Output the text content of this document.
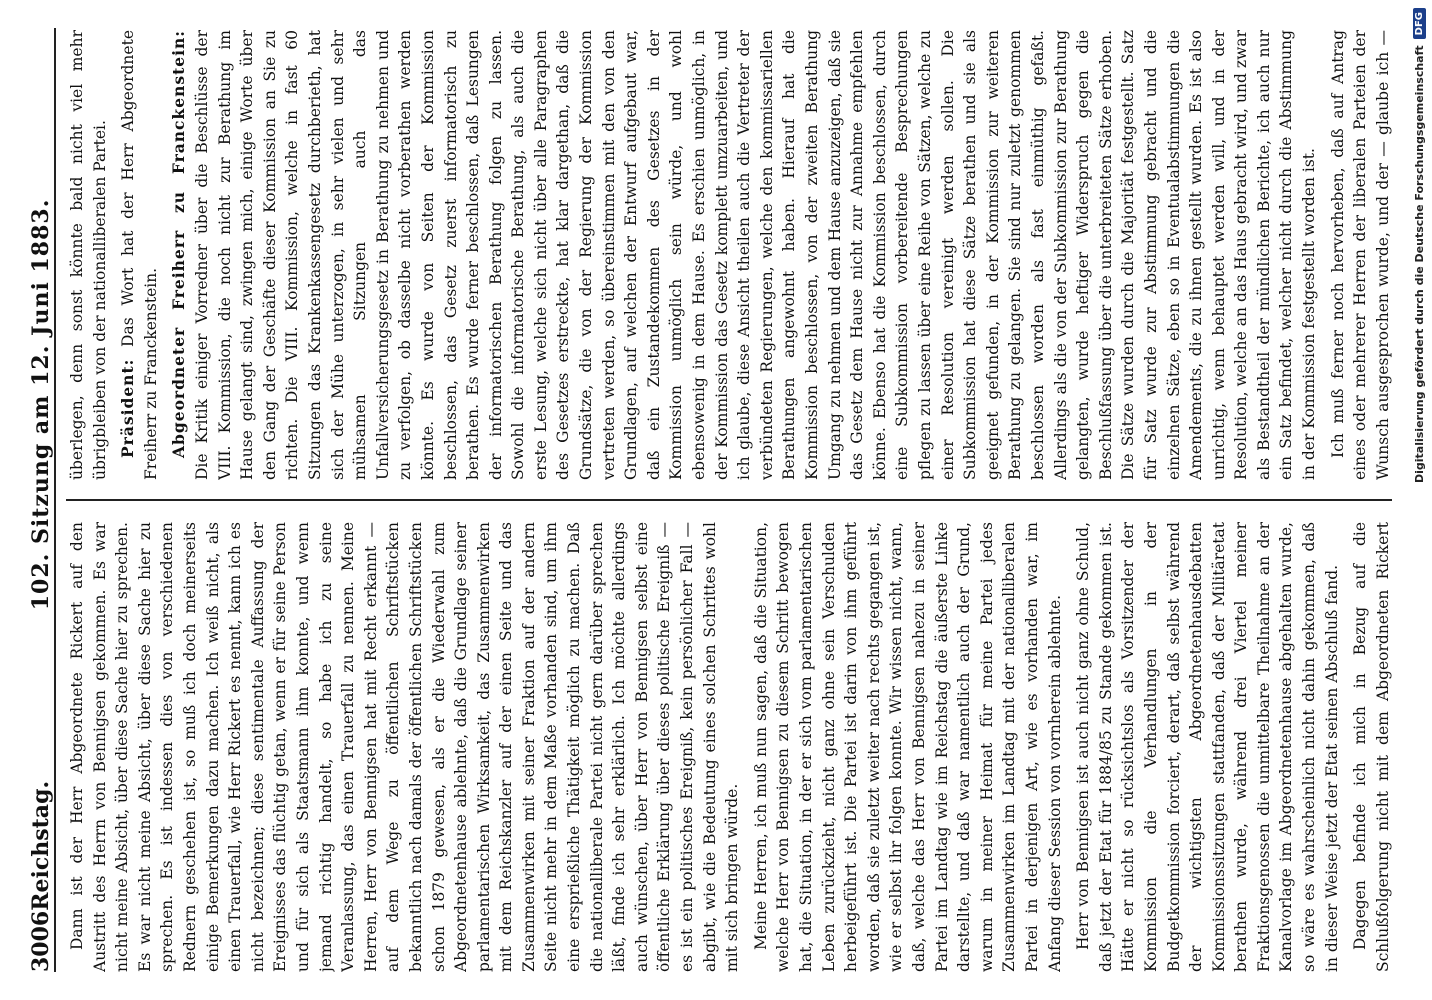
3006
Reichstag.
102. Sitzung am 12. Juni 1883.

Dann ist der Herr Abgeordnete Rickert auf den Austritt des Herrn von Bennigsen gekommen. Es war nicht meine Absicht, über diese Sache hier zu sprechen. Es war nicht meine Absicht, über diese Sache hier zu sprechen. Es ist indessen dies von verschiedenen Rednern geschehen ist, so muß ich doch meinerseits einige Bemerkungen dazu machen. Ich weiß nicht, als einen Trauerfall, wie Herr Rickert es nennt, kann ich es nicht bezeichnen; diese sentimentale Auffassung der Ereignisses das flüchtig getan, wenn er für seine Person und für sich als Staatsmann ihm konnte, und wenn jemand richtig handelt, so habe ich zu seine Veranlassung, das einen Trauerfall zu nennen. Meine Herren, Herr von Bennigsen hat mit Recht erkannt — auf dem Wege zu öffentlichen Schriftstücken bekanntlich nach damals der öffentlichen Schriftstücken schon 1879 gewesen, als er die Wiederwahl zum Abgeordnetenhause ablehnte, daß die Grundlage seiner parlamentarischen Wirksamkeit, das Zusammenwirken mit dem Reichskanzler auf der einen Seite und das Zusammenwirken mit seiner Fraktion auf der andern Seite nicht mehr in dem Maße vorhanden sind, um ihm eine ersprießliche Thätigkeit möglich zu machen. Daß die nationalliberale Partei nicht gern darüber sprechen läßt, finde ich sehr erklärlich. Ich möchte allerdings auch wünschen, über Herr von Bennigsen selbst eine öffentliche Erklärung über dieses politische Ereigniß — es ist ein politisches Ereigniß, kein persönlicher Fall — abgibt, wie die Bedeutung eines solchen Schrittes wohl mit sich bringen würde. Meine Herren, ich muß nun sagen, daß die Situation, welche Herr von Bennigsen zu diesem Schritt bewogen hat, die Situation, in der er sich vom parlamentarischen Leben zurückzieht, nicht ganz ohne sein Verschulden herbeigeführt ist. Die Partei ist darin von ihm geführt worden, daß sie zuletzt weiter nach rechts gegangen ist, wie er selbst ihr folgen konnte. Wir wissen nicht, wann, daß, welche das Herr von Bennigsen nahezu in seiner Partei im Landtag wie im Reichstag die äußerste Linke darstellte, und daß war namentlich auch der Grund, warum in meiner Heimat für meine Partei jedes Zusammenwirken im Landtag mit der nationalliberalen Partei in derjenigen Art, wie es vorhanden war, im Anfang dieser Session von vornherein ablehnte. Herr von Bennigsen ist auch nicht ganz ohne Schuld, daß jetzt der Etat für 1884/85 zu Stande gekommen ist. Hätte er nicht so rücksichtslos als Vorsitzender der Kommission die Verhandlungen in der Budgetkommission forciert, derart, daß selbst während der wichtigsten Abgeordnetenhausdebatten Kommissionssitzungen stattfanden, daß der Militäretat berathen wurde, während drei Viertel meiner Fraktionsgenossen die unmittelbare Theilnahme an der Kanalvorlage im Abgeordnetenhause abgehalten wurde, so wäre es wahrscheinlich nicht dahin gekommen, daß in dieser Weise jetzt der Etat seinen Abschluß fand. Dagegen befinde ich mich in Bezug auf die Schlußfolgerung nicht mit dem Abgeordneten Rickert

überlegen, denn sonst könnte bald nicht viel mehr übrigbleiben von der nationalliberalen Partei. Präsident: Das Wort hat der Herr Abgeordnete Freiherr zu Franckenstein. Abgeordneter Freiherr zu Franckenstein: Die Kritik einiger Vorredner über die Beschlüsse der VIII. Kommission, die noch nicht zur Berathung im Hause gelangt sind, zwingen mich, einige Worte über den Gang der Geschäfte dieser Kommission an Sie zu richten. Die VIII. Kommission, welche in fast 60 Sitzungen das Krankenkassengesetz durchberieth, hat sich der Mühe unterzogen, in sehr vielen und sehr mühsamen Sitzungen auch das Unfallversicherungsgesetz in Berathung zu nehmen und zu verfolgen, ob dasselbe nicht vorberathen werden könnte. Es wurde von Seiten der Kommission beschlossen, das Gesetz zuerst informatorisch zu berathen. Es wurde ferner beschlossen, daß Lesungen der informatorischen Berathung folgen zu lassen. Sowohl die informatorische Berathung, als auch die erste Lesung, welche sich nicht über alle Paragraphen des Gesetzes erstreckte, hat klar dargethan, daß die Grundsätze, die von der Regierung der Kommission vertreten werden, so übereinstimmen mit den von den Grundlagen, auf welchen der Entwurf aufgebaut war, daß ein Zustandekommen des Gesetzes in der Kommission unmöglich sein würde, und wohl ebensowenig in dem Hause. Es erschien unmöglich, in der Kommission das Gesetz komplett umzuarbeiten, und ich glaube, diese Ansicht theilen auch die Vertreter der verbündeten Regierungen, welche den kommissariellen Berathungen angewohnt haben. Hierauf hat die Kommission beschlossen, von der zweiten Berathung Umgang zu nehmen und dem Hause anzuzeigen, daß sie das Gesetz dem Hause nicht zur Annahme empfehlen könne. Ebenso hat die Kommission beschlossen, durch eine Subkommission vorbereitende Besprechungen pflegen zu lassen über eine Reihe von Sätzen, welche zu einer Resolution vereinigt werden sollen. Die Subkommission hat diese Sätze berathen und sie als geeignet gefunden, in der Kommission zur weiteren Berathung zu gelangen. Sie sind nur zuletzt genommen beschlossen worden als fast einmüthig gefaßt. Allerdings als die von der Subkommission zur Berathung gelangten, wurde heftiger Widerspruch gegen die Beschlußfassung über die unterbreiteten Sätze erhoben. Die Sätze wurden durch die Majorität festgestellt. Satz für Satz wurde zur Abstimmung gebracht und die einzelnen Sätze, eben so in Eventualabstimmungen die Amendements, die zu ihnen gestellt wurden. Es ist also unrichtig, wenn behauptet werden will, und in der Resolution, welche an das Haus gebracht wird, und zwar als Bestandtheil der mündlichen Berichte, ich auch nur ein Satz befindet, welcher nicht durch die Abstimmung in der Kommission festgestellt worden ist. Ich muß ferner noch hervorheben, daß auf Antrag eines oder mehrerer Herren der liberalen Parteien der Wunsch ausgesprochen wurde, und der — glaube ich —

Digitalisierung gefördert durch die Deutsche Forschungsgemeinschaft
DFG
